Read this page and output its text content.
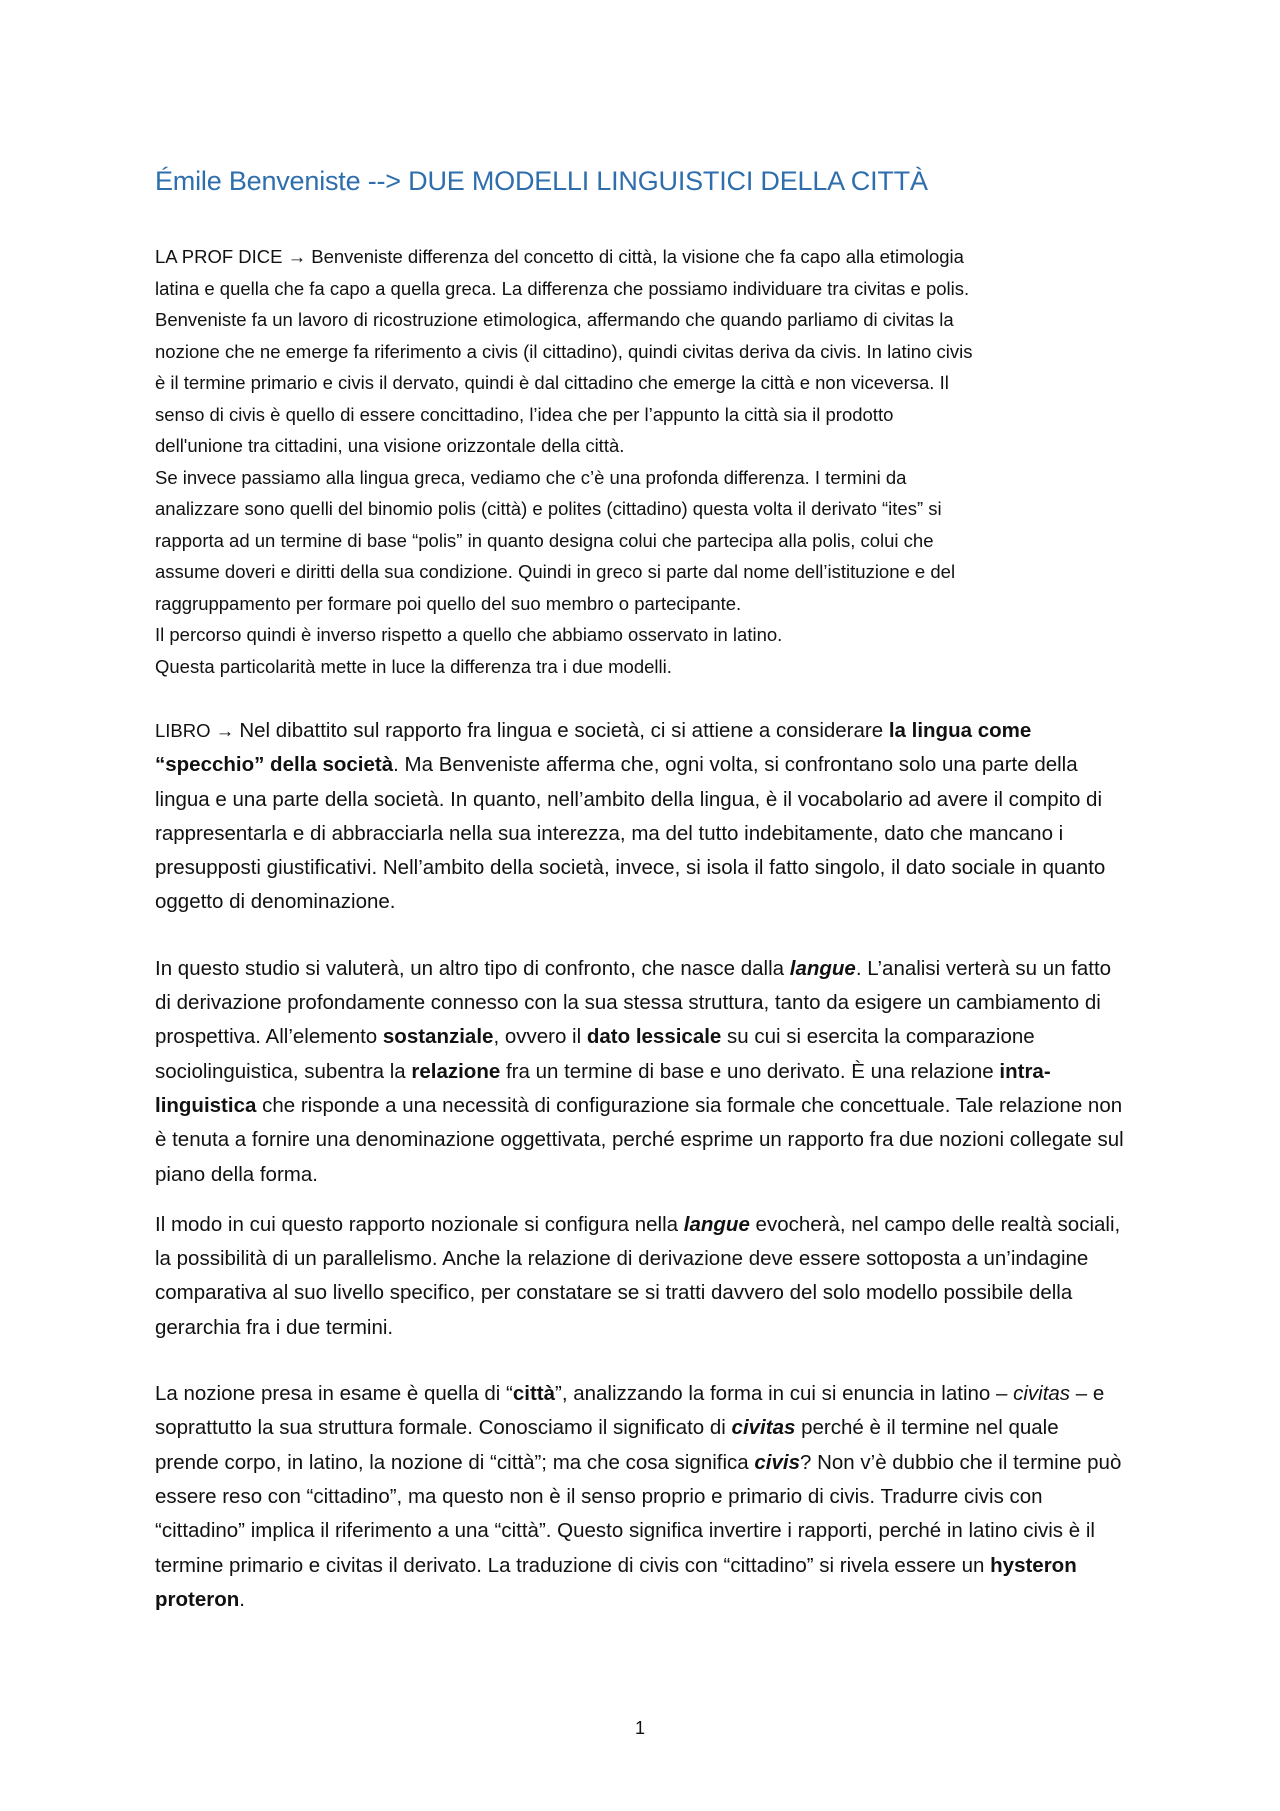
Émile Benveniste --> DUE MODELLI LINGUISTICI DELLA CITTÀ
LA PROF DICE → Benveniste differenza del concetto di città, la visione che fa capo alla etimologia
latina e quella che fa capo a quella greca. La differenza che possiamo individuare tra civitas e polis.
Benveniste fa un lavoro di ricostruzione etimologica, affermando che quando parliamo di civitas la
nozione che ne emerge fa riferimento a civis (il cittadino), quindi civitas deriva da civis. In latino civis
è il termine primario e civis il dervato, quindi è dal cittadino che emerge la città e non viceversa. Il
senso di civis è quello di essere concittadino, l’idea che per l’appunto la città sia il prodotto
dell'unione tra cittadini, una visione orizzontale della città.
Se invece passiamo alla lingua greca, vediamo che c’è una profonda differenza. I termini da
analizzare sono quelli del binomio polis (città) e polites (cittadino) questa volta il derivato “ites” si
rapporta ad un termine di base “polis” in quanto designa colui che partecipa alla polis, colui che
assume doveri e diritti della sua condizione. Quindi in greco si parte dal nome dell’istituzione e del
raggruppamento per formare poi quello del suo membro o partecipante.
Il percorso quindi è inverso rispetto a quello che abbiamo osservato in latino.
Questa particolarità mette in luce la differenza tra i due modelli.

LIBRO → Nel dibattito sul rapporto fra lingua e società, ci si attiene a considerare la lingua come “specchio” della società. Ma Benveniste afferma che, ogni volta, si confrontano solo una parte della lingua e una parte della società. In quanto, nell’ambito della lingua, è il vocabolario ad avere il compito di rappresentarla e di abbracciarla nella sua interezza, ma del tutto indebitamente, dato che mancano i presupposti giustificativi. Nell’ambito della società, invece, si isola il fatto singolo, il dato sociale in quanto oggetto di denominazione.

In questo studio si valuterà, un altro tipo di confronto, che nasce dalla langue. L’analisi verterà su un fatto di derivazione profondamente connesso con la sua stessa struttura, tanto da esigere un cambiamento di prospettiva. All’elemento sostanziale, ovvero il dato lessicale su cui si esercita la comparazione sociolinguistica, subentra la relazione fra un termine di base e uno derivato. È una relazione intra-linguistica che risponde a una necessità di configurazione sia formale che concettuale. Tale relazione non è tenuta a fornire una denominazione oggettivata, perché esprime un rapporto fra due nozioni collegate sul piano della forma.

Il modo in cui questo rapporto nozionale si configura nella langue evocherà, nel campo delle realtà sociali, la possibilità di un parallelismo. Anche la relazione di derivazione deve essere sottoposta a un’indagine comparativa al suo livello specifico, per constatare se si tratti davvero del solo modello possibile della gerarchia fra i due termini.

La nozione presa in esame è quella di “città”, analizzando la forma in cui si enuncia in latino – civitas – e soprattutto la sua struttura formale. Conosciamo il significato di civitas perché è il termine nel quale prende corpo, in latino, la nozione di “città”; ma che cosa significa civis? Non v’è dubbio che il termine può essere reso con “cittadino”, ma questo non è il senso proprio e primario di civis. Tradurre civis con “cittadino” implica il riferimento a una “città”. Questo significa invertire i rapporti, perché in latino civis è il termine primario e civitas il derivato. La traduzione di civis con “cittadino” si rivela essere un hysteron proteron.

1
